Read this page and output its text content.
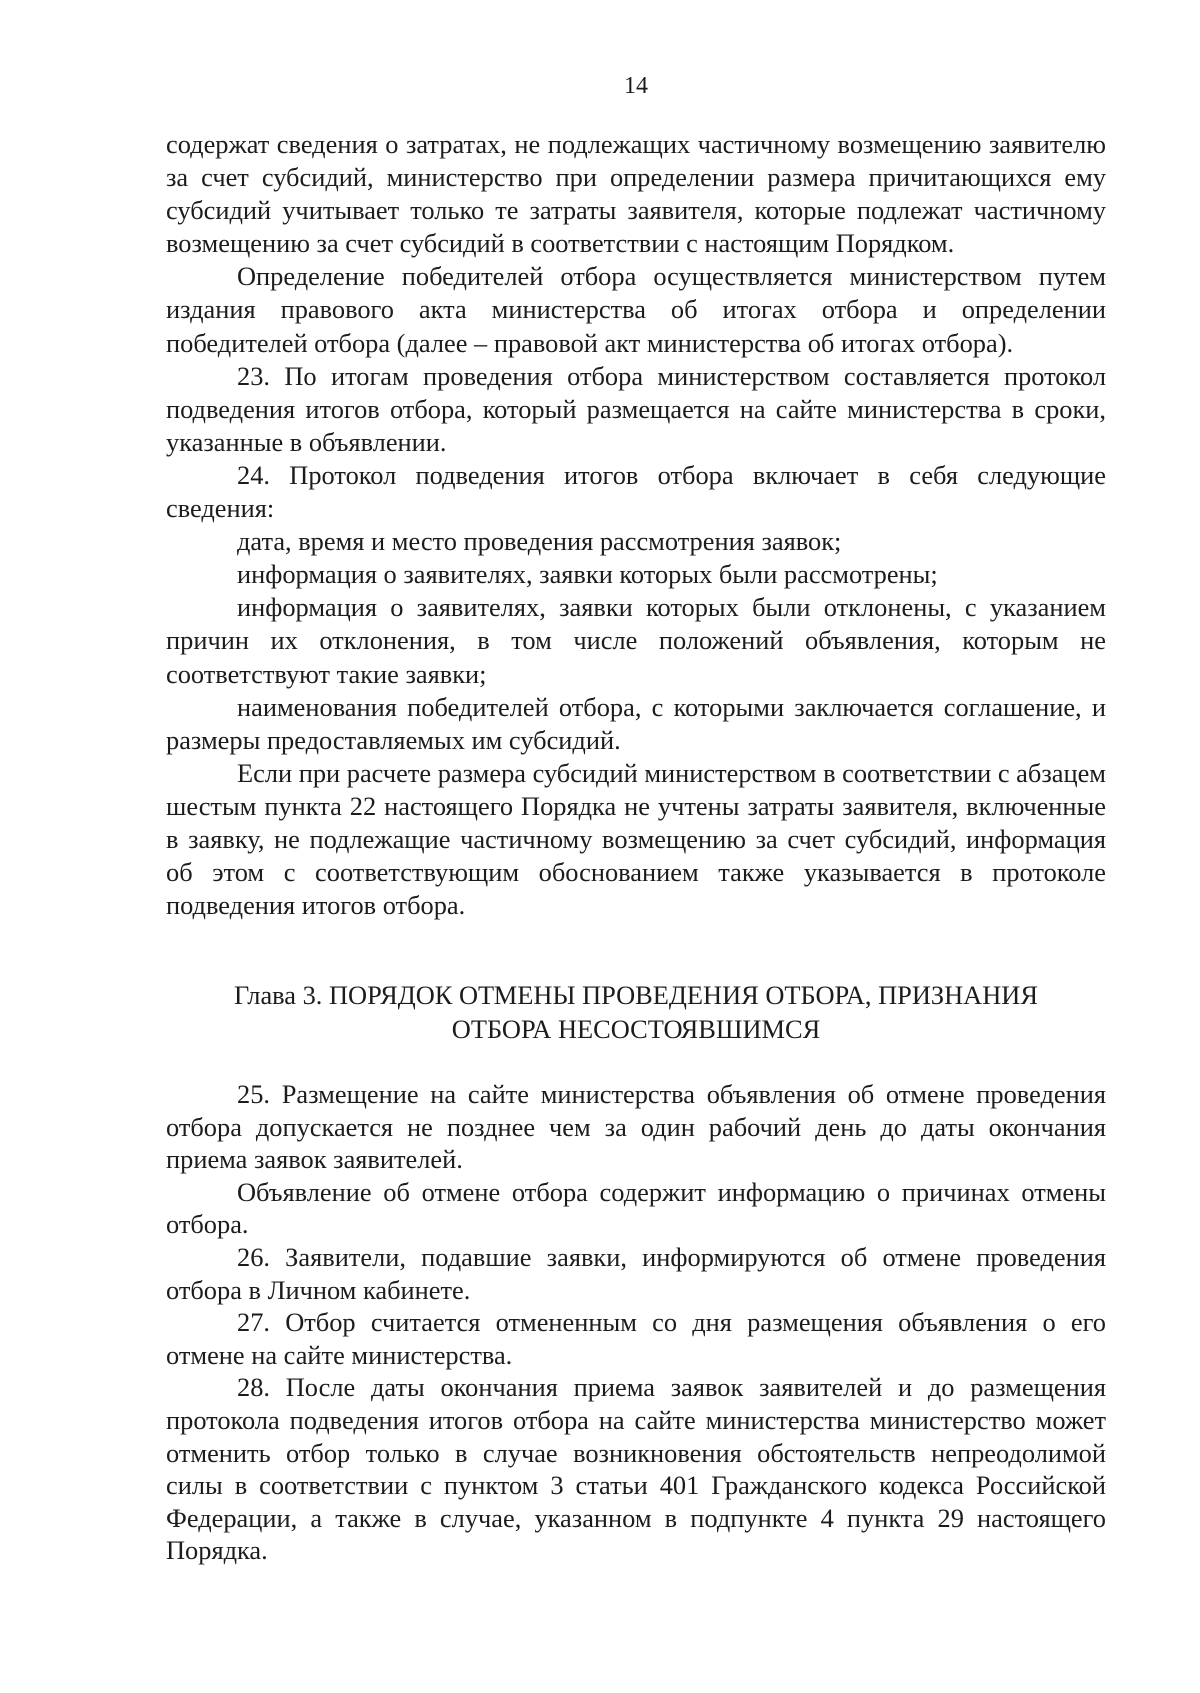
14

содержат сведения о затратах, не подлежащих частичному возмещению заявителю за счет субсидий, министерство при определении размера причитающихся ему субсидий учитывает только те затраты заявителя, которые подлежат частичному возмещению за счет субсидий в соответствии с настоящим Порядком.

Определение победителей отбора осуществляется министерством путем издания правового акта министерства об итогах отбора и определении победителей отбора (далее – правовой акт министерства об итогах отбора).

23. По итогам проведения отбора министерством составляется протокол подведения итогов отбора, который размещается на сайте министерства в сроки, указанные в объявлении.

24. Протокол подведения итогов отбора включает в себя следующие сведения:

дата, время и место проведения рассмотрения заявок;

информация о заявителях, заявки которых были рассмотрены;

информация о заявителях, заявки которых были отклонены, с указанием причин их отклонения, в том числе положений объявления, которым не соответствуют такие заявки;

наименования победителей отбора, с которыми заключается соглашение, и размеры предоставляемых им субсидий.

Если при расчете размера субсидий министерством в соответствии с абзацем шестым пункта 22 настоящего Порядка не учтены затраты заявителя, включенные в заявку, не подлежащие частичному возмещению за счет субсидий, информация об этом с соответствующим обоснованием также указывается в протоколе подведения итогов отбора.

Глава 3. ПОРЯДОК ОТМЕНЫ ПРОВЕДЕНИЯ ОТБОРА, ПРИЗНАНИЯ
ОТБОРА НЕСОСТОЯВШИМСЯ

25. Размещение на сайте министерства объявления об отмене проведения отбора допускается не позднее чем за один рабочий день до даты окончания приема заявок заявителей.

Объявление об отмене отбора содержит информацию о причинах отмены отбора.

26. Заявители, подавшие заявки, информируются об отмене проведения отбора в Личном кабинете.

27. Отбор считается отмененным со дня размещения объявления о его отмене на сайте министерства.

28. После даты окончания приема заявок заявителей и до размещения протокола подведения итогов отбора на сайте министерства министерство может отменить отбор только в случае возникновения обстоятельств непреодолимой силы в соответствии с пунктом 3 статьи 401 Гражданского кодекса Российской Федерации, а также в случае, указанном в подпункте 4 пункта 29 настоящего Порядка.
